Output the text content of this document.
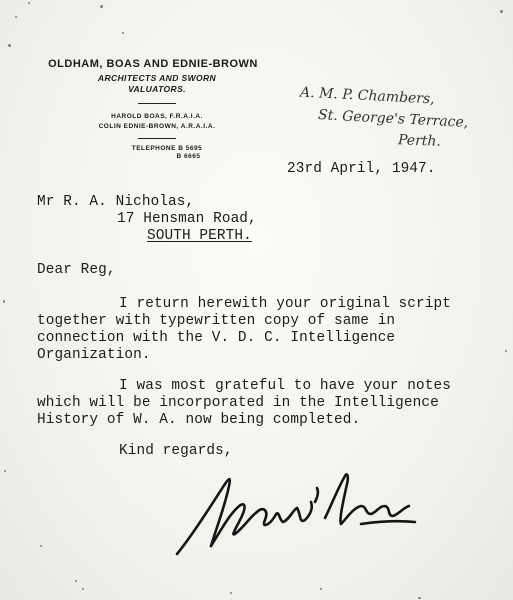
OLDHAM, BOAS AND EDNIE-BROWN
ARCHITECTS AND SWORN
VALUATORS.
HAROLD BOAS, F.R.A.I.A.
COLIN EDNIE-BROWN, A.R.A.I.A.
TELEPHONE B 5695
B 6665
A. M. P. Chambers,
St. George's Terrace,
Perth.
23rd April, 1947.
Mr R. A. Nicholas,
17 Hensman Road,
SOUTH PERTH.
Dear Reg,
I return herewith your original script
together with typewritten copy of same in
connection with the V. D. C. Intelligence
Organization.
I was most grateful to have your notes
which will be incorporated in the Intelligence
History of W. A. now being completed.
Kind regards,
